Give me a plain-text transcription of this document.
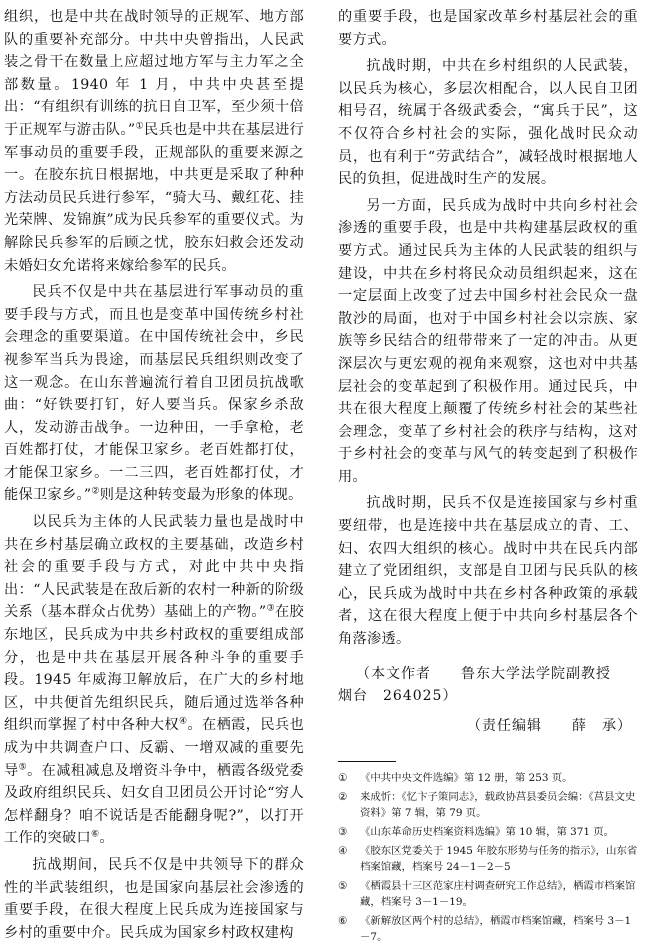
组织，也是中共在战时领导的正规军、地方部队的重要补充部分。中共中央曾指出，人民武装之骨干在数量上应超过地方军与主力军之全部数量。1940 年 1 月，中共中央甚至提出：“有组织有训练的抗日自卫军，至少须十倍于正规军与游击队。”①民兵也是中共在基层进行军事动员的重要手段，正规部队的重要来源之一。在胶东抗日根据地，中共更是采取了种种方法动员民兵进行参军，“骑大马、戴红花、挂光荣牌、发锦旗”成为民兵参军的重要仪式。为解除民兵参军的后顾之忧，胶东妇救会还发动未婚妇女允诺将来嫁给参军的民兵。

民兵不仅是中共在基层进行军事动员的重要手段与方式，而且也是变革中国传统乡村社会理念的重要渠道。在中国传统社会中，乡民视参军当兵为畏途，而基层民兵组织则改变了这一观念。在山东普遍流行着自卫团员抗战歌曲：“好铁要打钉，好人要当兵。保家乡杀敌人，发动游击战争。一边种田，一手拿枪，老百姓都打仗，才能保卫家乡。老百姓都打仗，才能保卫家乡。一二三四，老百姓都打仗，才能保卫家乡。”②则是这种转变最为形象的体现。

以民兵为主体的人民武装力量也是战时中共在乡村基层确立政权的主要基础，改造乡村社会的重要手段与方式，对此中共中央指出：“人民武装是在敌后新的农村一种新的阶级关系（基本群众占优势）基础上的产物。”③在胶东地区，民兵成为中共乡村政权的重要组成部分，也是中共在基层开展各种斗争的重要手段。1945 年威海卫解放后，在广大的乡村地区，中共便首先组织民兵，随后通过选举各种组织而掌握了村中各种大权④。在栖霞，民兵也成为中共调查户口、反霸、一增双减的重要先导⑤。在减租减息及增资斗争中，栖霞各级党委及政府组织民兵、妇女自卫团员公开讨论“穷人怎样翻身？咱不说话是否能翻身呢?”，以打开工作的突破口⑥。

抗战期间，民兵不仅是中共领导下的群众性的半武装组织，也是国家向基层社会渗透的重要手段，在很大程度上民兵成为连接国家与乡村的重要中介。民兵成为国家乡村政权建构

的重要手段，也是国家改革乡村基层社会的重要方式。

抗战时期，中共在乡村组织的人民武装，以民兵为核心，多层次相配合，以人民自卫团相号召，统属于各级武委会，“寓兵于民”，这不仅符合乡村社会的实际，强化战时民众动员，也有利于“劳武结合”，减轻战时根据地人民的负担，促进战时生产的发展。

另一方面，民兵成为战时中共向乡村社会渗透的重要手段，也是中共构建基层政权的重要方式。通过民兵为主体的人民武装的组织与建设，中共在乡村将民众动员组织起来，这在一定层面上改变了过去中国乡村社会民众一盘散沙的局面，也对于中国乡村社会以宗族、家族等乡民结合的纽带带来了一定的冲击。从更深层次与更宏观的视角来观察，这也对中共基层社会的变革起到了积极作用。通过民兵，中共在很大程度上颠覆了传统乡村社会的某些社会理念，变革了乡村社会的秩序与结构，这对于乡村社会的变革与风气的转变起到了积极作用。

抗战时期，民兵不仅是连接国家与乡村重要纽带，也是连接中共在基层成立的青、工、妇、农四大组织的核心。战时中共在民兵内部建立了党团组织，支部是自卫团与民兵队的核心，民兵成为战时中共在乡村各种政策的承载者，这在很大程度上便于中共向乡村基层各个角落渗透。

（本文作者　　鲁东大学法学院副教授
烟台　264025）
（责任编辑　　薛　承）
① 《中共中央文件选编》第 12 册，第 253 页。
② 来成忻：《忆卞子策同志》，载政协莒县委员会编：《莒县文史资料》第 7 辑，第 79 页。
③ 《山东革命历史档案资料选编》第 10 辑，第 371 页。
④ 《胶东区党委关于 1945 年胶东形势与任务的指示》，山东省档案馆藏，档案号 24－1－2－5
⑤ 《栖霞县十三区范家庄村调查研究工作总结》，栖霞市档案馆藏，档案号 3－1－19。
⑥ 《新解放区两个村的总结》，栖霞市档案馆藏，档案号 3－1－7。
